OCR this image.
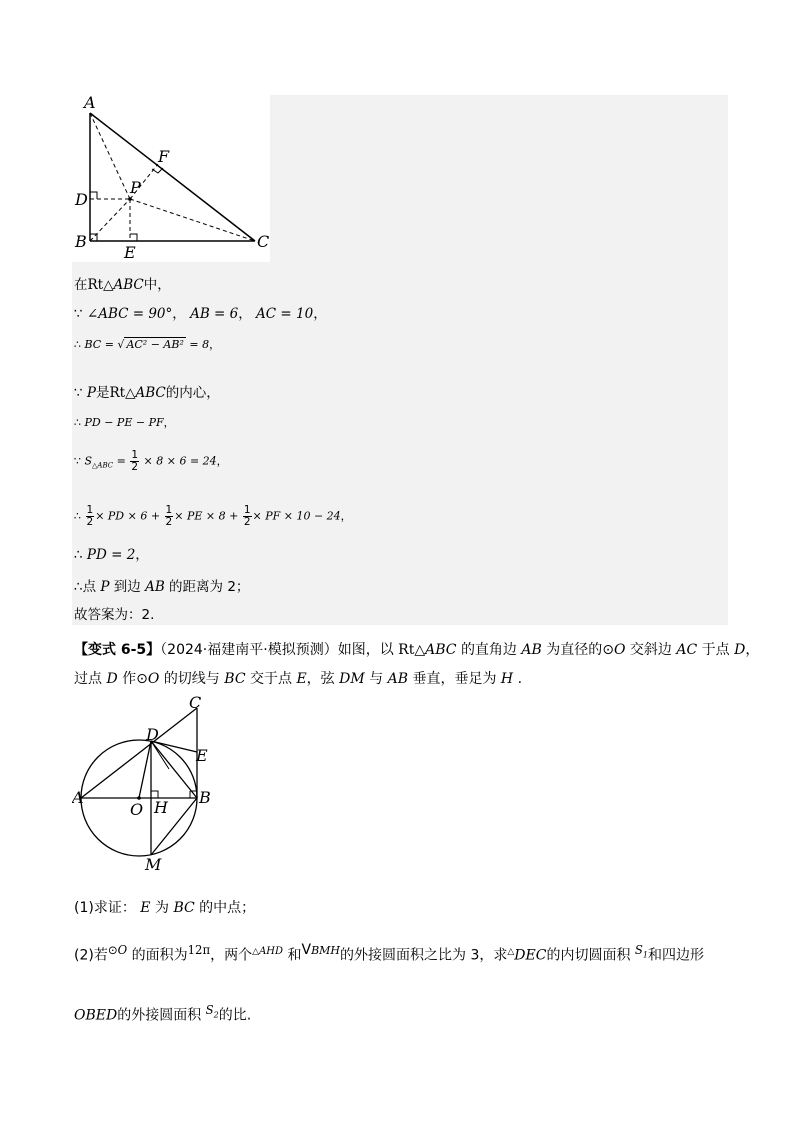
A
D
B	C
E
F
P
在Rt△ABC中，
∵ ∠ABC = 90°， AB = 6， AC = 10，
∴ BC = √ AC² − AB² = 8，
∵ P是Rt△ABC的内心，
∴ PD − PE − PF，
∵ $S_{\triangle ABC} = \frac{1}{2} \times 8 \times 6 = 24$，
∴ $\frac{1}{2}$ × PD × $6 + \frac{1}{2}$ × PE × $8 + \frac{1}{2}$ × PF × 10 − 24，
∴ PD = 2，
∴点 P 到边 AB 的距离为 2；
故答案为：2.
【变式 6-5】（2024·福建南平·模拟预测）如图，以 Rt△ABC 的直角边 AB 为直径的⊙O 交斜边 AC 于点 D，
过点 D 作⊙O 的切线与 BC 交于点 E，弦 DM 与 AB 垂直，垂足为 H .
C
D
E
A	B
O H
M
(1)求证： E 为 BC 的中点；
(2)若$^{⊙O}$ 的面积为$^{12\pi}$，两个$^{\triangle AHD}$ 和$^{VBMH}$的外接圆面积之比为 3，求△DEC的内切圆面积 $^{S_1}$和四边形
OBED的外接圆面积 $^{S_2}$的比.
